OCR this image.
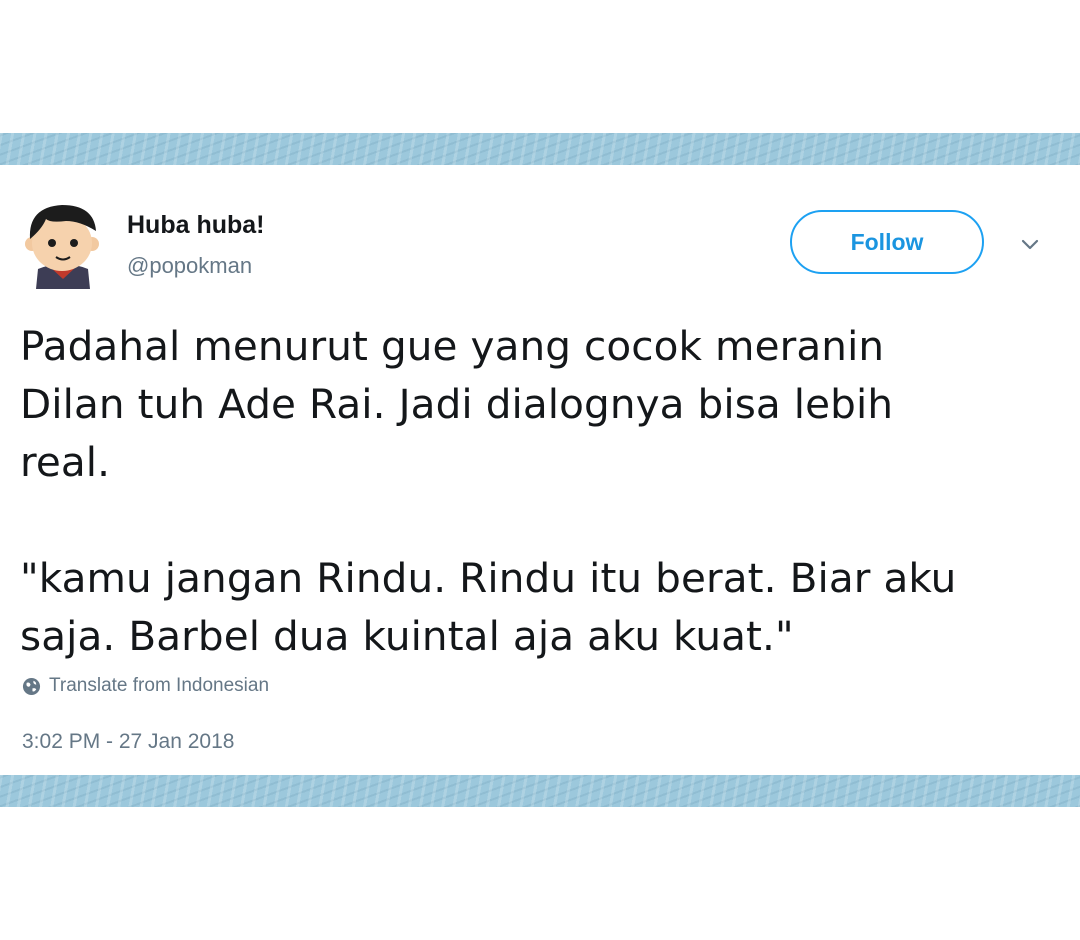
Huba huba!
@popokman
Follow

Padahal menurut gue yang cocok meranin

Dilan tuh Ade Rai. Jadi dialognya bisa lebih

real.

"kamu jangan Rindu. Rindu itu berat. Biar aku

saja. Barbel dua kuintal aja aku kuat."

Translate from Indonesian
3:02 PM - 27 Jan 2018
